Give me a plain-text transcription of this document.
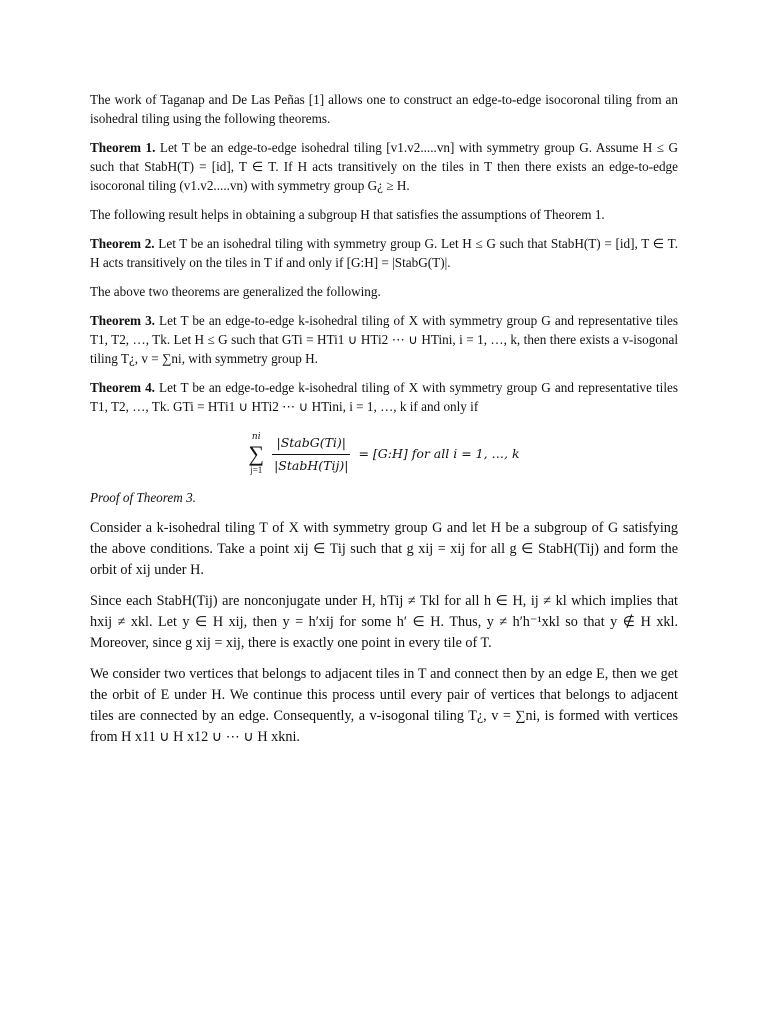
The work of Taganap and De Las Peñas [1] allows one to construct an edge-to-edge isocoronal tiling from an isohedral tiling using the following theorems.

Theorem 1. Let T be an edge-to-edge isohedral tiling [v1.v2.....vn] with symmetry group G. Assume H ≤ G such that StabH(T) = [id], T ∈ T. If H acts transitively on the tiles in T then there exists an edge-to-edge isocoronal tiling (v1.v2.....vn) with symmetry group G¿ ≥ H.

The following result helps in obtaining a subgroup H that satisfies the assumptions of Theorem 1.

Theorem 2. Let T be an isohedral tiling with symmetry group G. Let H ≤ G such that StabH(T) = [id], T ∈ T. H acts transitively on the tiles in T if and only if [G:H] = |StabG(T)|.

The above two theorems are generalized the following.

Theorem 3. Let T be an edge-to-edge k-isohedral tiling of X with symmetry group G and representative tiles T1, T2, …, Tk. Let H ≤ G such that GTi = HTi1 ∪ HTi2 ⋯ ∪ HTini, i = 1, …, k, then there exists a v-isogonal tiling T¿, v = ∑ni, with symmetry group H.

Theorem 4. Let T be an edge-to-edge k-isohedral tiling of X with symmetry group G and representative tiles T1, T2, …, Tk. GTi = HTi1 ∪ HTi2 ⋯ ∪ HTini, i = 1, …, k if and only if

ni
∑
j=1
|StabG(Ti)|
|StabH(Tij)|
= [G:H] for all i = 1, …, k
Proof of Theorem 3.

Consider a k-isohedral tiling T of X with symmetry group G and let H be a subgroup of G satisfying the above conditions. Take a point xij ∈ Tij such that g xij = xij for all g ∈ StabH(Tij) and form the orbit of xij under H.

Since each StabH(Tij) are nonconjugate under H, hTij ≠ Tkl for all h ∈ H, ij ≠ kl which implies that hxij ≠ xkl. Let y ∈ H xij, then y = h′xij for some h′ ∈ H. Thus, y ≠ h′h⁻¹xkl so that y ∉ H xkl. Moreover, since g xij = xij, there is exactly one point in every tile of T.

We consider two vertices that belongs to adjacent tiles in T and connect then by an edge E, then we get the orbit of E under H. We continue this process until every pair of vertices that belongs to adjacent tiles are connected by an edge. Consequently, a v-isogonal tiling T¿, v = ∑ni, is formed with vertices from H x11 ∪ H x12 ∪ ⋯ ∪ H xkni.
